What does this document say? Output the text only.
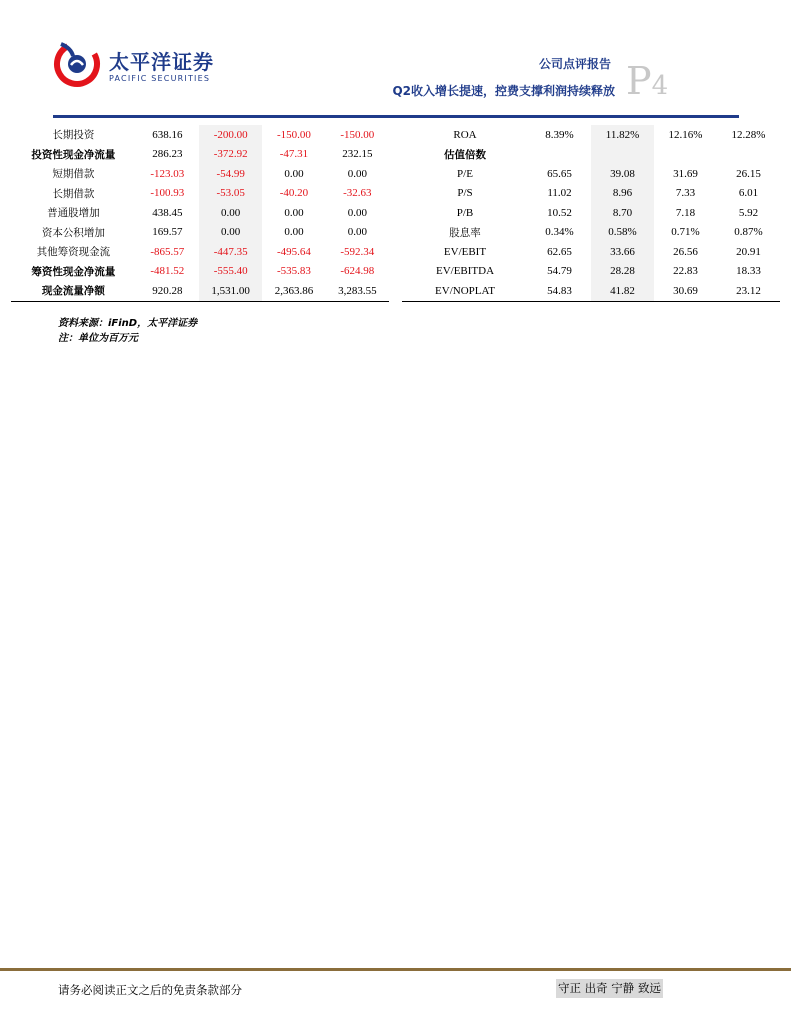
太平洋证券
PACIFIC SECURITIES
公司点评报告
Q2收入增长提速，控费支撑利润持续释放 P4
长期投资	638.16	-200.00	-150.00	-150.00
投资性现金净流量	286.23	-372.92	-47.31	232.15
短期借款	-123.03	-54.99	0.00	0.00
长期借款	-100.93	-53.05	-40.20	-32.63
普通股增加	438.45	0.00	0.00	0.00
资本公积增加	169.57	0.00	0.00	0.00
其他筹资现金流	-865.57	-447.35	-495.64	-592.34
筹资性现金净流量	-481.52	-555.40	-535.83	-624.98
现金流量净额	920.28	1,531.00	2,363.86	3,283.55
ROA	8.39%	11.82%	12.16%	12.28%
估值倍数				
P/E	65.65	39.08	31.69	26.15
P/S	11.02	8.96	7.33	6.01
P/B	10.52	8.70	7.18	5.92
股息率	0.34%	0.58%	0.71%	0.87%
EV/EBIT	62.65	33.66	26.56	20.91
EV/EBITDA	54.79	28.28	22.83	18.33
EV/NOPLAT	54.83	41.82	30.69	23.12
资料来源：iFinD，太平洋证券
注：单位为百万元
请务必阅读正文之后的免责条款部分	守正 出奇 宁静 致远
